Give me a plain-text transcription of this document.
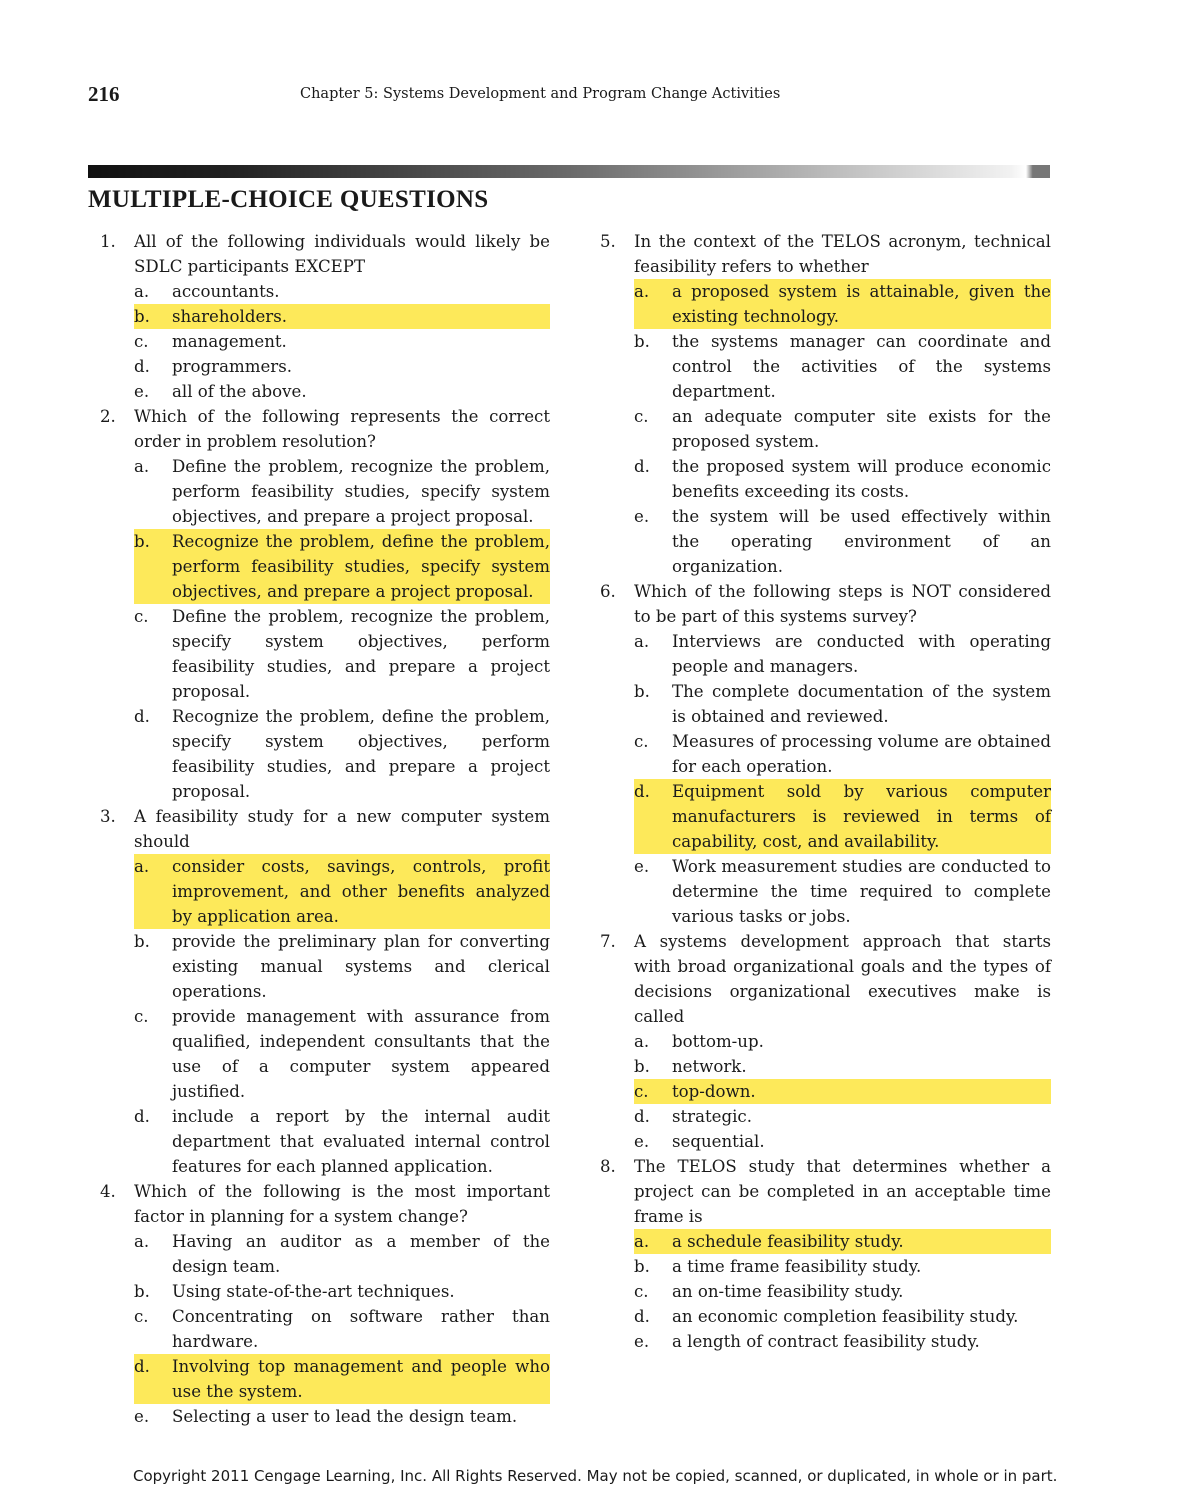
216	Chapter 5: Systems Development and Program Change Activities
MULTIPLE-CHOICE QUESTIONS
1.	All of the following individuals would likely be SDLC participants EXCEPT
a.	accountants.
b.	shareholders.
c.	management.
d.	programmers.
e.	all of the above.
2.	Which of the following represents the correct order in problem resolution?
a.	Define the problem, recognize the problem, perform feasibility studies, specify system objectives, and prepare a project proposal.
b.	Recognize the problem, define the problem, perform feasibility studies, specify system objectives, and prepare a project proposal.
c.	Define the problem, recognize the problem, specify system objectives, perform feasibility studies, and prepare a project proposal.
d.	Recognize the problem, define the problem, specify system objectives, perform feasibility studies, and prepare a project proposal.
3.	A feasibility study for a new computer system should
a.	consider costs, savings, controls, profit improvement, and other benefits analyzed by application area.
b.	provide the preliminary plan for converting existing manual systems and clerical operations.
c.	provide management with assurance from qualified, independent consultants that the use of a computer system appeared justified.
d.	include a report by the internal audit department that evaluated internal control features for each planned application.
4.	Which of the following is the most important factor in planning for a system change?
a.	Having an auditor as a member of the design team.
b.	Using state-of-the-art techniques.
c.	Concentrating on software rather than hardware.
d.	Involving top management and people who use the system.
e.	Selecting a user to lead the design team.
5.	In the context of the TELOS acronym, technical feasibility refers to whether
a.	a proposed system is attainable, given the existing technology.
b.	the systems manager can coordinate and control the activities of the systems department.
c.	an adequate computer site exists for the proposed system.
d.	the proposed system will produce economic benefits exceeding its costs.
e.	the system will be used effectively within the operating environment of an organization.
6.	Which of the following steps is NOT considered to be part of this systems survey?
a.	Interviews are conducted with operating people and managers.
b.	The complete documentation of the system is obtained and reviewed.
c.	Measures of processing volume are obtained for each operation.
d.	Equipment sold by various computer manufacturers is reviewed in terms of capability, cost, and availability.
e.	Work measurement studies are conducted to determine the time required to complete various tasks or jobs.
7.	A systems development approach that starts with broad organizational goals and the types of decisions organizational executives make is called
a.	bottom-up.
b.	network.
c.	top-down.
d.	strategic.
e.	sequential.
8.	The TELOS study that determines whether a project can be completed in an acceptable time frame is
a.	a schedule feasibility study.
b.	a time frame feasibility study.
c.	an on-time feasibility study.
d.	an economic completion feasibility study.
e.	a length of contract feasibility study.
Copyright 2011 Cengage Learning, Inc. All Rights Reserved. May not be copied, scanned, or duplicated, in whole or in part.
